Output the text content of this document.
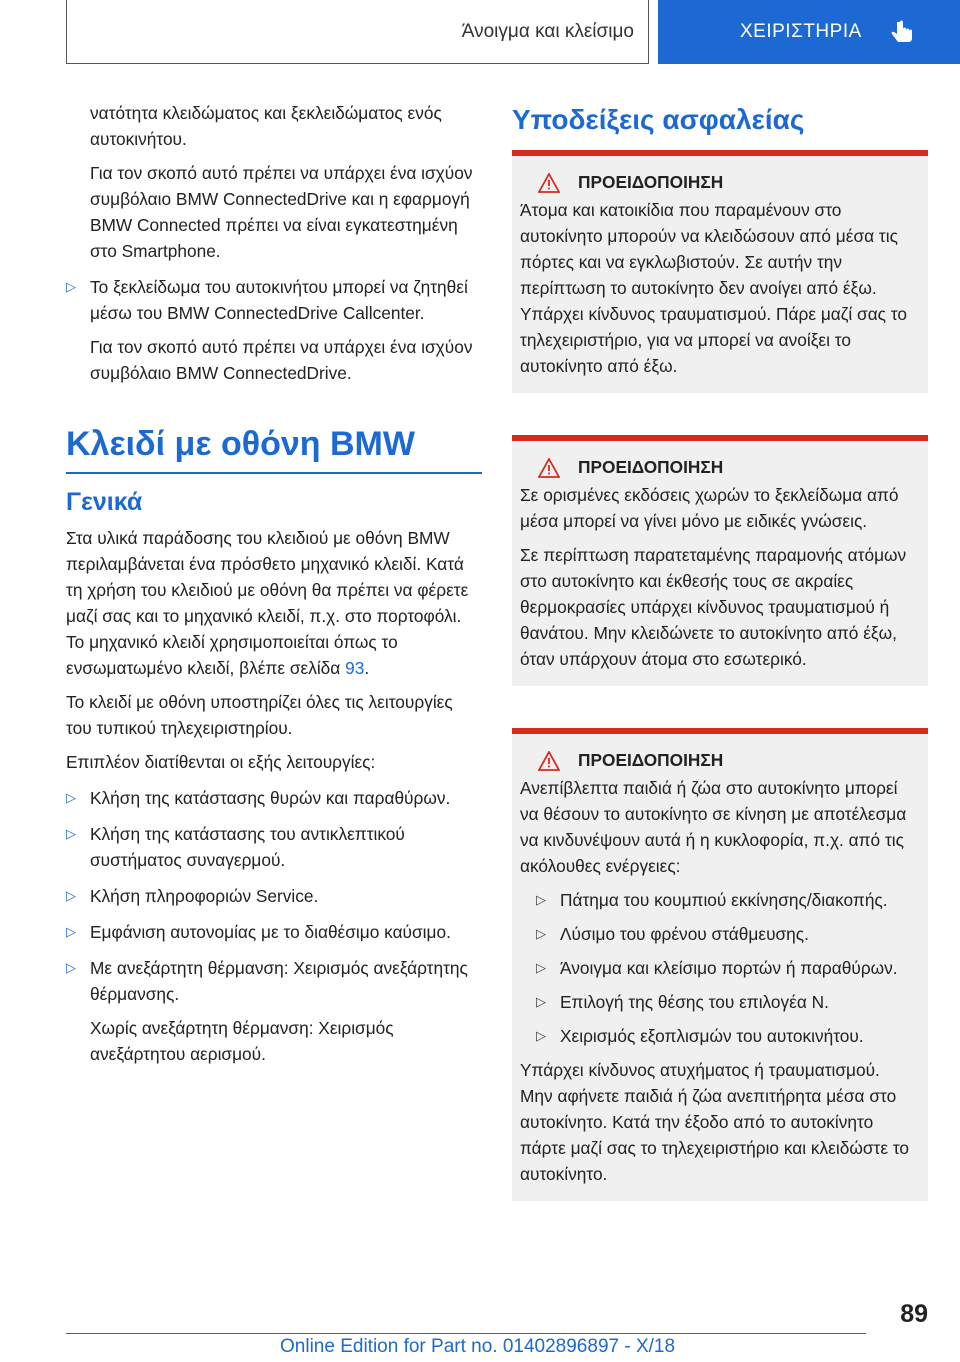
Άνοιγμα και κλείσιμο	ΧΕΙΡΙΣΤΗΡΙΑ

νατότητα κλειδώματος και ξεκλειδώματος ενός αυτοκινήτου.

Για τον σκοπό αυτό πρέπει να υπάρχει ένα ισχύον συμβόλαιο BMW ConnectedDrive και η εφαρμογή BMW Connected πρέπει να είναι εγκατεστημένη στο Smartphone.

▷ Το ξεκλείδωμα του αυτοκινήτου μπορεί να ζητηθεί μέσω του BMW ConnectedDrive Callcenter.

Για τον σκοπό αυτό πρέπει να υπάρχει ένα ισχύον συμβόλαιο BMW ConnectedDrive.

Κλειδί με οθόνη BMW
Γενικά

Στα υλικά παράδοσης του κλειδιού με οθόνη BMW περιλαμβάνεται ένα πρόσθετο μηχανικό κλειδί. Κατά τη χρήση του κλειδιού με οθόνη θα πρέπει να φέρετε μαζί σας και το μηχανικό κλειδί, π.χ. στο πορτοφόλι. Το μηχανικό κλειδί χρησιμοποιείται όπως το ενσωματωμένο κλειδί, βλέπε σελίδα 93.

Το κλειδί με οθόνη υποστηρίζει όλες τις λειτουργίες του τυπικού τηλεχειριστηρίου.

Επιπλέον διατίθενται οι εξής λειτουργίες:

▷ Κλήση της κατάστασης θυρών και παραθύρων.

▷ Κλήση της κατάστασης του αντικλεπτικού συστήματος συναγερμού.

▷ Κλήση πληροφοριών Service.

▷ Εμφάνιση αυτονομίας με το διαθέσιμο καύσιμο.

▷ Με ανεξάρτητη θέρμανση: Χειρισμός ανεξάρτητης θέρμανσης.

Χωρίς ανεξάρτητη θέρμανση: Χειρισμός ανεξάρτητου αερισμού.

Υποδείξεις ασφαλείας
ΠΡΟΕΙΔΟΠΟΙΗΣΗ

Άτομα και κατοικίδια που παραμένουν στο αυτοκίνητο μπορούν να κλειδώσουν από μέσα τις πόρτες και να εγκλωβιστούν. Σε αυτήν την περίπτωση το αυτοκίνητο δεν ανοίγει από έξω. Υπάρχει κίνδυνος τραυματισμού. Πάρε μαζί σας το τηλεχειριστήριο, για να μπορεί να ανοίξει το αυτοκίνητο από έξω.

ΠΡΟΕΙΔΟΠΟΙΗΣΗ

Σε ορισμένες εκδόσεις χωρών το ξεκλείδωμα από μέσα μπορεί να γίνει μόνο με ειδικές γνώσεις.

Σε περίπτωση παρατεταμένης παραμονής ατόμων στο αυτοκίνητο και έκθεσής τους σε ακραίες θερμοκρασίες υπάρχει κίνδυνος τραυματισμού ή θανάτου. Μην κλειδώνετε το αυτοκίνητο από έξω, όταν υπάρχουν άτομα στο εσωτερικό.

ΠΡΟΕΙΔΟΠΟΙΗΣΗ

Ανεπίβλεπτα παιδιά ή ζώα στο αυτοκίνητο μπορεί να θέσουν το αυτοκίνητο σε κίνηση με αποτέλεσμα να κινδυνέψουν αυτά ή η κυκλοφορία, π.χ. από τις ακόλουθες ενέργειες:

▷ Πάτημα του κουμπιού εκκίνησης/διακοπής.

▷ Λύσιμο του φρένου στάθμευσης.

▷ Άνοιγμα και κλείσιμο πορτών ή παραθύρων.

▷ Επιλογή της θέσης του επιλογέα N.

▷ Χειρισμός εξοπλισμών του αυτοκινήτου.

Υπάρχει κίνδυνος ατυχήματος ή τραυματισμού. Μην αφήνετε παιδιά ή ζώα ανεπιτήρητα μέσα στο αυτοκίνητο. Κατά την έξοδο από το αυτοκίνητο πάρτε μαζί σας το τηλεχειριστήριο και κλειδώστε το αυτοκίνητο.

89
Online Edition for Part no. 01402896897 - X/18
